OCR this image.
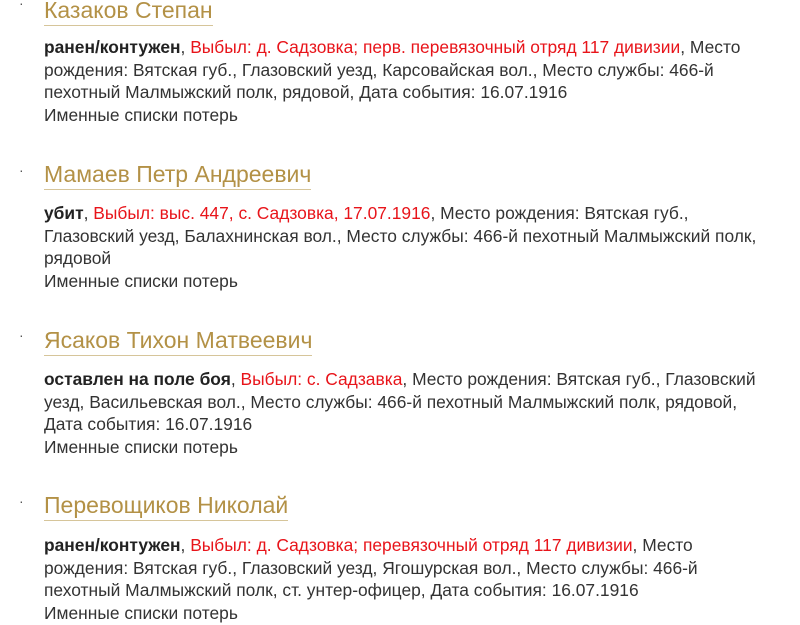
· Казаков Степан
ранен/контужен, Выбыл: д. Садзовка; перв. перевязочный отряд 117 дивизии, Место рождения: Вятская губ., Глазовский уезд, Карсовайская вол., Место службы: 466-й пехотный Малмыжский полк, рядовой, Дата события: 16.07.1916
Именные списки потерь
· Мамаев Петр Андреевич
убит, Выбыл: выс. 447, с. Садзовка, 17.07.1916, Место рождения: Вятская губ., Глазовский уезд, Балахнинская вол., Место службы: 466-й пехотный Малмыжский полк, рядовой
Именные списки потерь
· Ясаков Тихон Матвеевич
оставлен на поле боя, Выбыл: с. Садзавка, Место рождения: Вятская губ., Глазовский уезд, Васильевская вол., Место службы: 466-й пехотный Малмыжский полк, рядовой, Дата события: 16.07.1916
Именные списки потерь
· Перевощиков Николай
ранен/контужен, Выбыл: д. Садзовка; перевязочный отряд 117 дивизии, Место рождения: Вятская губ., Глазовский уезд, Ягошурская вол., Место службы: 466-й пехотный Малмыжский полк, ст. унтер-офицер, Дата события: 16.07.1916
Именные списки потерь
